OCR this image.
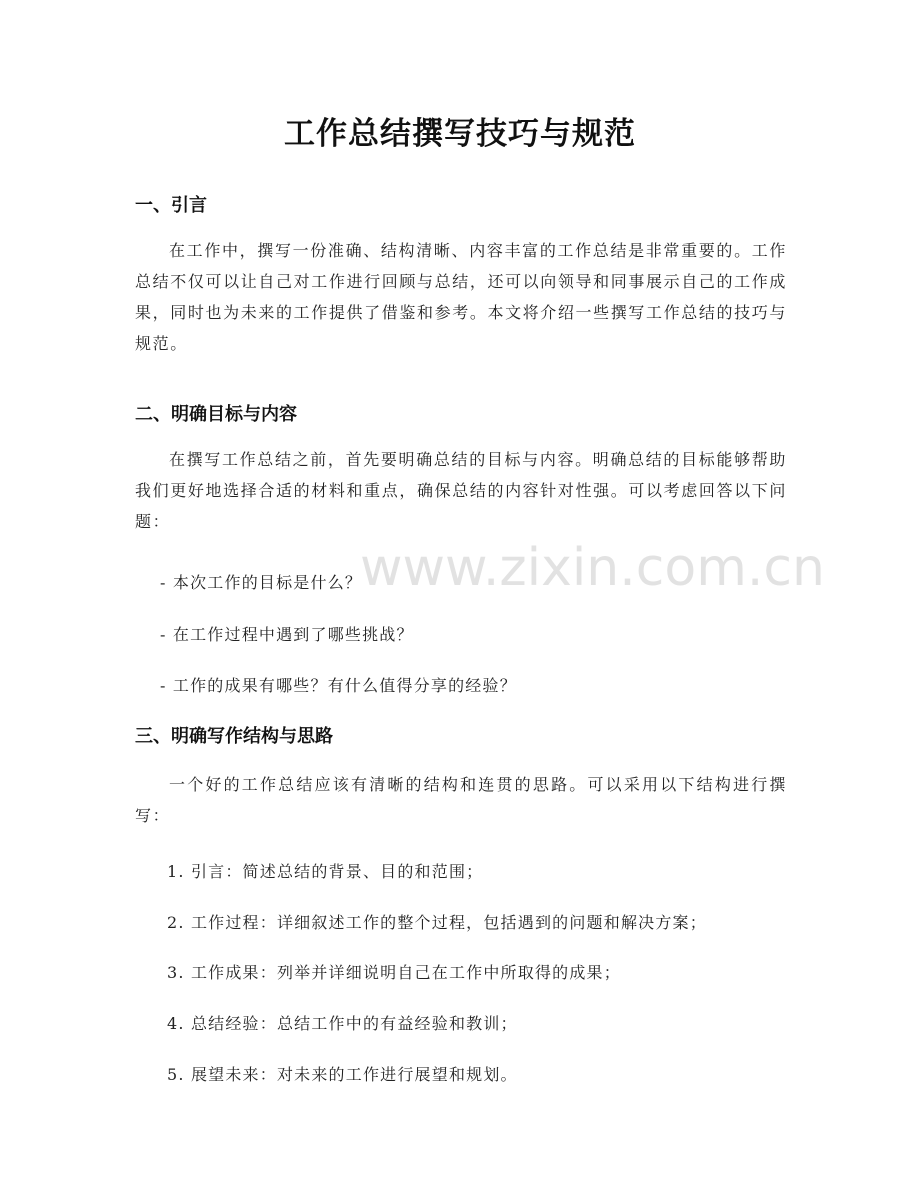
工作总结撰写技巧与规范
一、引言

在工作中，撰写一份准确、结构清晰、内容丰富的工作总结是非常重要的。工作总结不仅可以让自己对工作进行回顾与总结，还可以向领导和同事展示自己的工作成果，同时也为未来的工作提供了借鉴和参考。本文将介绍一些撰写工作总结的技巧与规范。

二、明确目标与内容

在撰写工作总结之前，首先要明确总结的目标与内容。明确总结的目标能够帮助我们更好地选择合适的材料和重点，确保总结的内容针对性强。可以考虑回答以下问题：

- 本次工作的目标是什么？

- 在工作过程中遇到了哪些挑战？

- 工作的成果有哪些？有什么值得分享的经验？

三、明确写作结构与思路

一个好的工作总结应该有清晰的结构和连贯的思路。可以采用以下结构进行撰写：

1. 引言：简述总结的背景、目的和范围；

2. 工作过程：详细叙述工作的整个过程，包括遇到的问题和解决方案；

3. 工作成果：列举并详细说明自己在工作中所取得的成果；

4. 总结经验：总结工作中的有益经验和教训；

5. 展望未来：对未来的工作进行展望和规划。

www.zixin.com.cn
